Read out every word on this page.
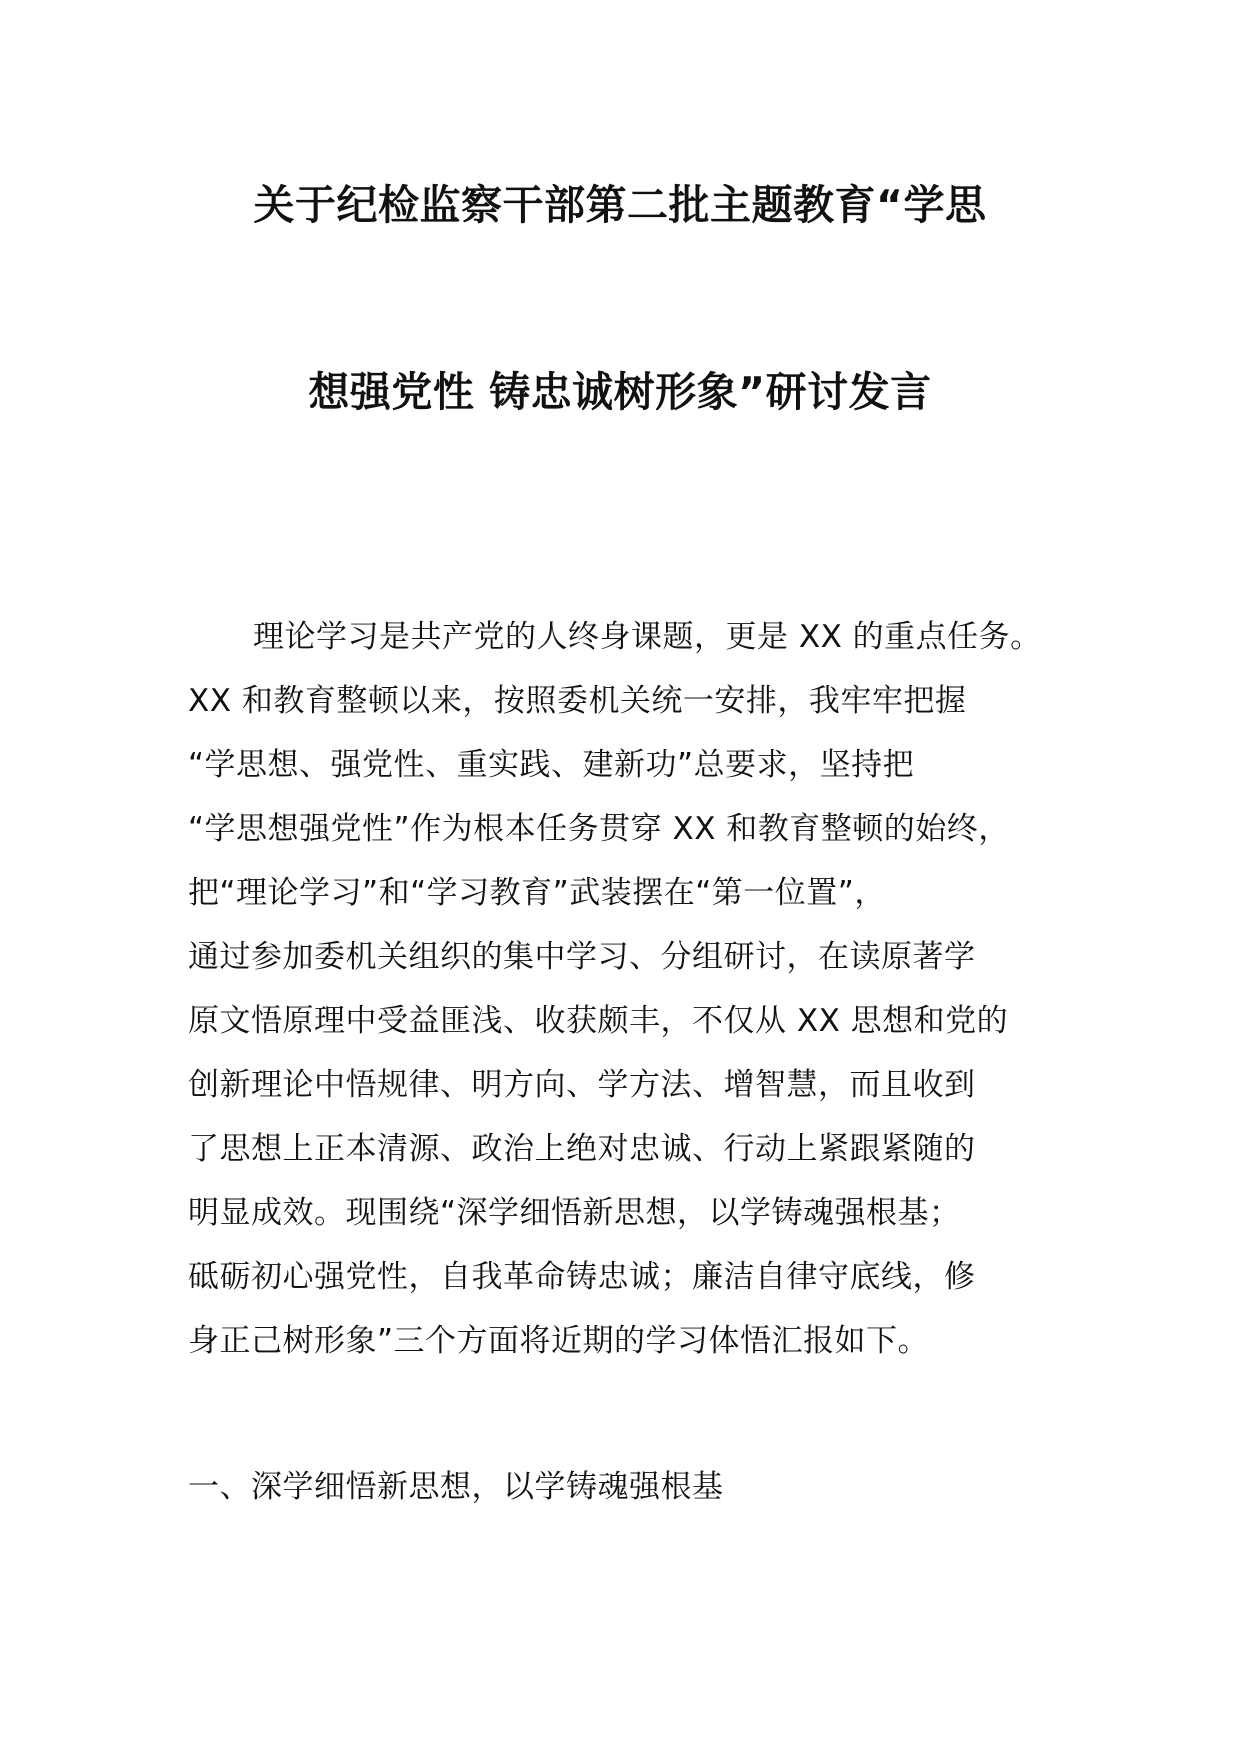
关于纪检监察干部第二批主题教育“学思
想强党性 铸忠诚树形象”研讨发言

理论学习是共产党的人终身课题，更是 XX 的重点任务。

XX 和教育整顿以来，按照委机关统一安排，我牢牢把握

“学思想、强党性、重实践、建新功”总要求，坚持把

“学思想强党性”作为根本任务贯穿 XX 和教育整顿的始终，

把“理论学习”和“学习教育”武装摆在“第一位置”，

通过参加委机关组织的集中学习、分组研讨，在读原著学

原文悟原理中受益匪浅、收获颇丰，不仅从 XX 思想和党的

创新理论中悟规律、明方向、学方法、增智慧，而且收到

了思想上正本清源、政治上绝对忠诚、行动上紧跟紧随的

明显成效。现围绕“深学细悟新思想，以学铸魂强根基；

砥砺初心强党性，自我革命铸忠诚；廉洁自律守底线，修

身正己树形象”三个方面将近期的学习体悟汇报如下。

一、深学细悟新思想，以学铸魂强根基
